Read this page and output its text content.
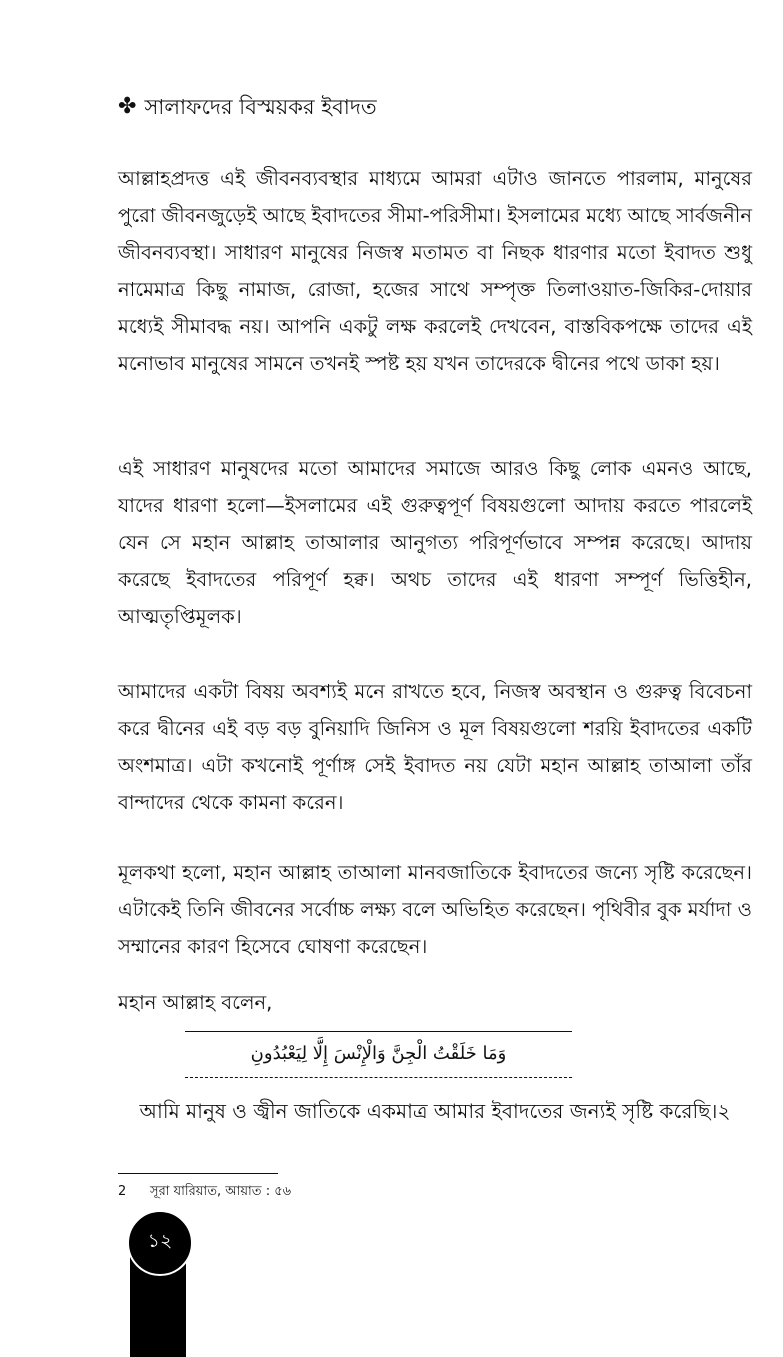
✤ সালাফদের বিস্ময়কর ইবাদত

আল্লাহপ্রদত্ত এই জীবনব্যবস্থার মাধ্যমে আমরা এটাও জানতে পারলাম, মানুষের পুরো জীবনজুড়েই আছে ইবাদতের সীমা-পরিসীমা। ইসলামের মধ্যে আছে সার্বজনীন জীবনব্যবস্থা। সাধারণ মানুষের নিজস্ব মতামত বা নিছক ধারণার মতো ইবাদত শুধু নামেমাত্র কিছু নামাজ, রোজা, হজের সাথে সম্পৃক্ত তিলাওয়াত-জিকির-দোয়ার মধ্যেই সীমাবদ্ধ নয়। আপনি একটু লক্ষ করলেই দেখবেন, বাস্তবিকপক্ষে তাদের এই মনোভাব মানুষের সামনে তখনই স্পষ্ট হয় যখন তাদেরকে দ্বীনের পথে ডাকা হয়।

এই সাধারণ মানুষদের মতো আমাদের সমাজে আরও কিছু লোক এমনও আছে, যাদের ধারণা হলো—ইসলামের এই গুরুত্বপূর্ণ বিষয়গুলো আদায় করতে পারলেই যেন সে মহান আল্লাহ তাআলার আনুগত্য পরিপূর্ণভাবে সম্পন্ন করেছে। আদায় করেছে ইবাদতের পরিপূর্ণ হক্ব। অথচ তাদের এই ধারণা সম্পূর্ণ ভিত্তিহীন, আত্মতৃপ্তিমূলক।

আমাদের একটা বিষয় অবশ্যই মনে রাখতে হবে, নিজস্ব অবস্থান ও গুরুত্ব বিবেচনা করে দ্বীনের এই বড় বড় বুনিয়াদি জিনিস ও মূল বিষয়গুলো শরয়ি ইবাদতের একটি অংশমাত্র। এটা কখনোই পূর্ণাঙ্গ সেই ইবাদত নয় যেটা মহান আল্লাহ তাআলা তাঁর বান্দাদের থেকে কামনা করেন।

মূলকথা হলো, মহান আল্লাহ তাআলা মানবজাতিকে ইবাদতের জন্যে সৃষ্টি করেছেন। এটাকেই তিনি জীবনের সর্বোচ্চ লক্ষ্য বলে অভিহিত করেছেন। পৃথিবীর বুক মর্যাদা ও সম্মানের কারণ হিসেবে ঘোষণা করেছেন।

মহান আল্লাহ বলেন,

আমি মানুষ ও জ্বীন জাতিকে একমাত্র আমার ইবাদতের জন্যই সৃষ্টি করেছি।২

وَمَا خَلَقْتُ الْجِنَّ وَالْإِنْسَ إِلَّا لِيَعْبُدُونِ
2 সূরা যারিয়াত, আয়াত : ৫৬
১২
